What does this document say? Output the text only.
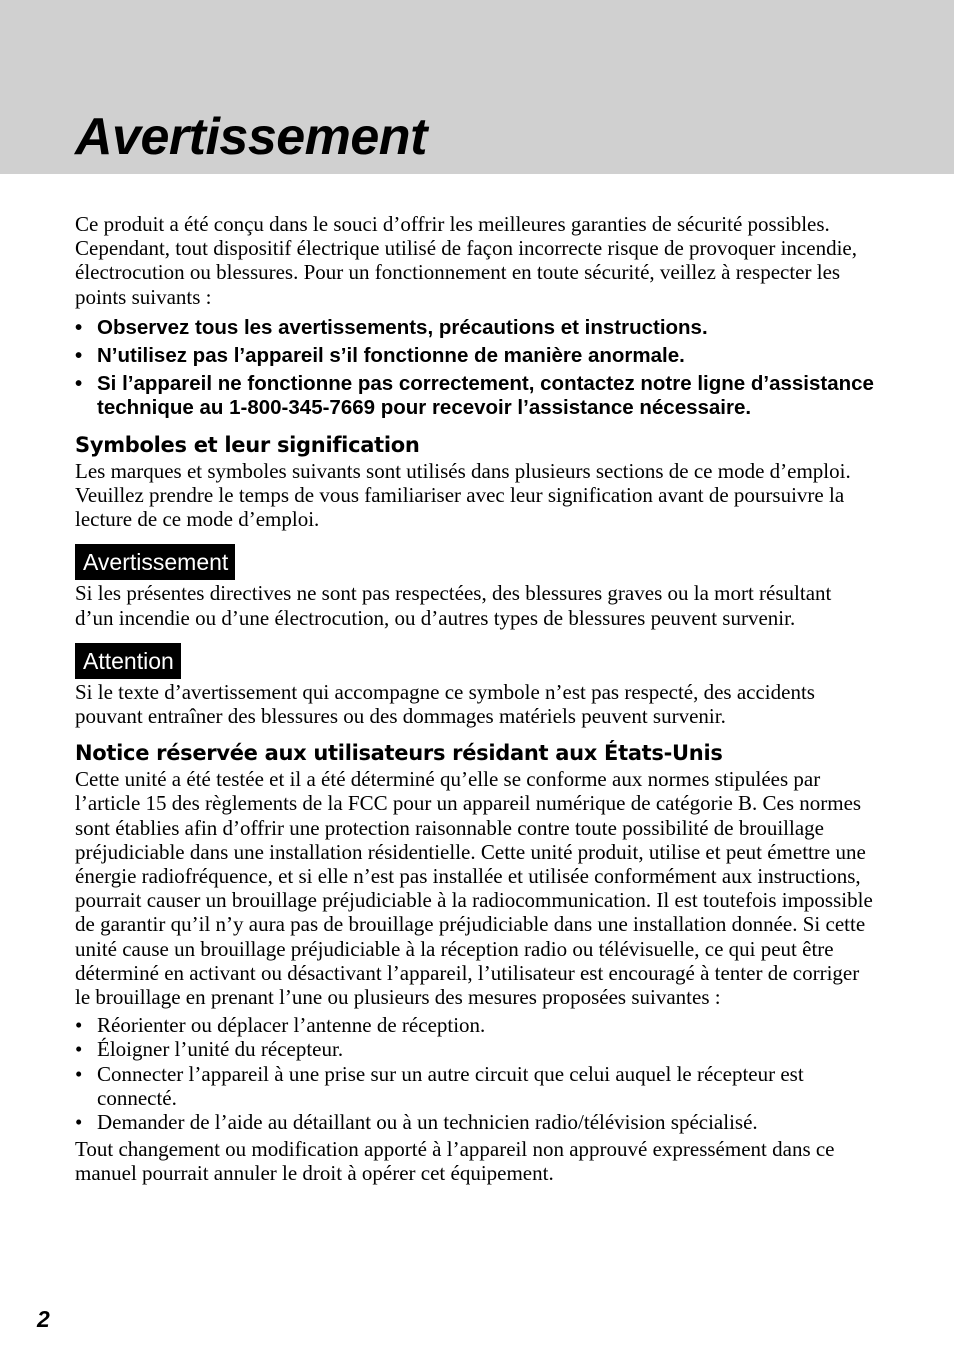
Avertissement

Ce produit a été conçu dans le souci d’offrir les meilleures garanties de sécurité possibles. Cependant, tout dispositif électrique utilisé de façon incorrecte risque de provoquer incendie, électrocution ou blessures. Pour un fonctionnement en toute sécurité, veillez à respecter les points suivants :

• Observez tous les avertissements, précautions et instructions.
• N’utilisez pas l’appareil s’il fonctionne de manière anormale.
• Si l’appareil ne fonctionne pas correctement, contactez notre ligne d’assistance technique au 1-800-345-7669 pour recevoir l’assistance nécessaire.
Symboles et leur signification

Les marques et symboles suivants sont utilisés dans plusieurs sections de ce mode d’emploi. Veuillez prendre le temps de vous familiariser avec leur signification avant de poursuivre la lecture de ce mode d’emploi.

Avertissement

Si les présentes directives ne sont pas respectées, des blessures graves ou la mort résultant d’un incendie ou d’une électrocution, ou d’autres types de blessures peuvent survenir.

Attention

Si le texte d’avertissement qui accompagne ce symbole n’est pas respecté, des accidents pouvant entraîner des blessures ou des dommages matériels peuvent survenir.

Notice réservée aux utilisateurs résidant aux États-Unis

Cette unité a été testée et il a été déterminé qu’elle se conforme aux normes stipulées par l’article 15 des règlements de la FCC pour un appareil numérique de catégorie B. Ces normes sont établies afin d’offrir une protection raisonnable contre toute possibilité de brouillage préjudiciable dans une installation résidentielle. Cette unité produit, utilise et peut émettre une énergie radiofréquence, et si elle n’est pas installée et utilisée conformément aux instructions, pourrait causer un brouillage préjudiciable à la radiocommunication. Il est toutefois impossible de garantir qu’il n’y aura pas de brouillage préjudiciable dans une installation donnée. Si cette unité cause un brouillage préjudiciable à la réception radio ou télévisuelle, ce qui peut être déterminé en activant ou désactivant l’appareil, l’utilisateur est encouragé à tenter de corriger le brouillage en prenant l’une ou plusieurs des mesures proposées suivantes :

• Réorienter ou déplacer l’antenne de réception.
• Éloigner l’unité du récepteur.
• Connecter l’appareil à une prise sur un autre circuit que celui auquel le récepteur est connecté.
• Demander de l’aide au détaillant ou à un technicien radio/télévision spécialisé.

Tout changement ou modification apporté à l’appareil non approuvé expressément dans ce manuel pourrait annuler le droit à opérer cet équipement.

2
